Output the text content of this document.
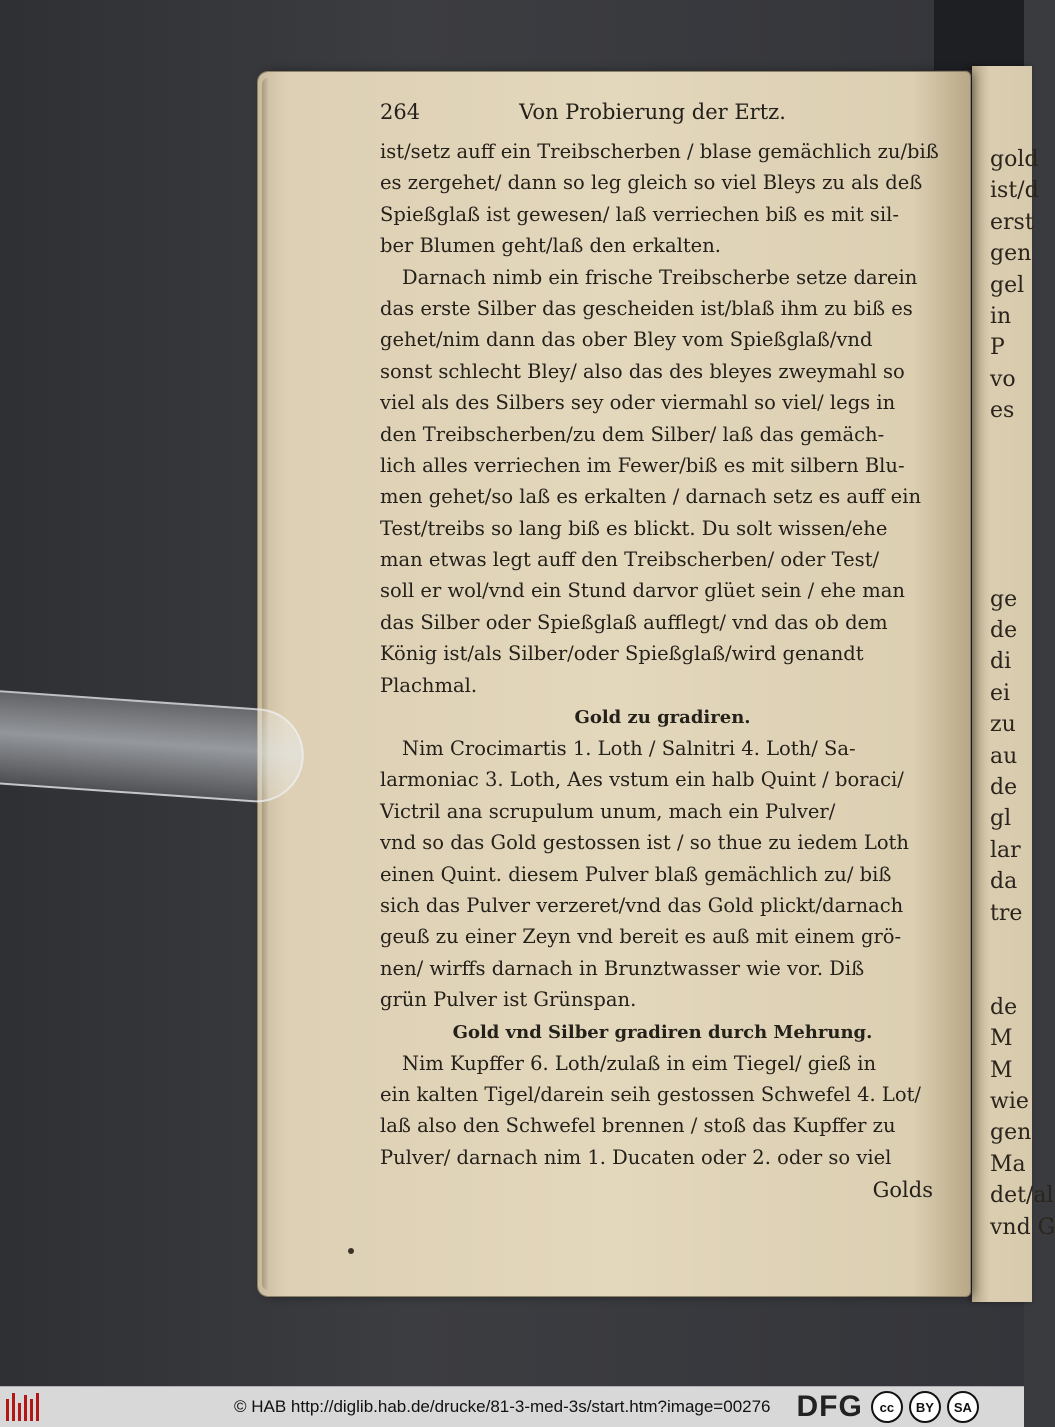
gold
ist/d
erst
gen
gel
in
P
vo
es
ge
de
di
ei
zu
au
de
gl
lar
da
tre
de
M
M
wie
gen
Ma
det/al
vnd G
264	Von Probierung der Ertz.
ist/setz auff ein Treibscherben / blase gemächlich zu/biß
es zergehet/ dann so leg gleich so viel Bleys zu als deß
Spießglaß ist gewesen/ laß verriechen biß es mit sil-
ber Blumen geht/laß den erkalten.
Darnach nimb ein frische Treibscherbe setze darein
das erste Silber das gescheiden ist/blaß ihm zu biß es
gehet/nim dann das ober Bley vom Spießglaß/vnd
sonst schlecht Bley/ also das des bleyes zweymahl so
viel als des Silbers sey oder viermahl so viel/ legs in
den Treibscherben/zu dem Silber/ laß das gemäch-
lich alles verriechen im Fewer/biß es mit silbern Blu-
men gehet/so laß es erkalten / darnach setz es auff ein
Test/treibs so lang biß es blickt. Du solt wissen/ehe
man etwas legt auff den Treibscherben/ oder Test/
soll er wol/vnd ein Stund darvor glüet sein / ehe man
das Silber oder Spießglaß aufflegt/ vnd das ob dem
König ist/als Silber/oder Spießglaß/wird genandt
Plachmal.
Gold zu gradiren.
Nim Crocimartis 1. Loth / Salnitri 4. Loth/ Sa-
larmoniac 3. Loth, Aes vstum ein halb Quint / boraci/
Victril ana scrupulum unum, mach ein Pulver/
vnd so das Gold gestossen ist / so thue zu iedem Loth
einen Quint. diesem Pulver blaß gemächlich zu/ biß
sich das Pulver verzeret/vnd das Gold plickt/darnach
geuß zu einer Zeyn vnd bereit es auß mit einem grö-
nen/ wirffs darnach in Brunztwasser wie vor. Diß
grün Pulver ist Grünspan.
Gold vnd Silber gradiren durch Mehrung.
Nim Kupffer 6. Loth/zulaß in eim Tiegel/ gieß in
ein kalten Tigel/darein seih gestossen Schwefel 4. Lot/
laß also den Schwefel brennen / stoß das Kupffer zu
Pulver/ darnach nim 1. Ducaten oder 2. oder so viel
Golds
© HAB http://diglib.hab.de/drucke/81-3-med-3s/start.htm?image=00276 DFG	cc	BY	SA
